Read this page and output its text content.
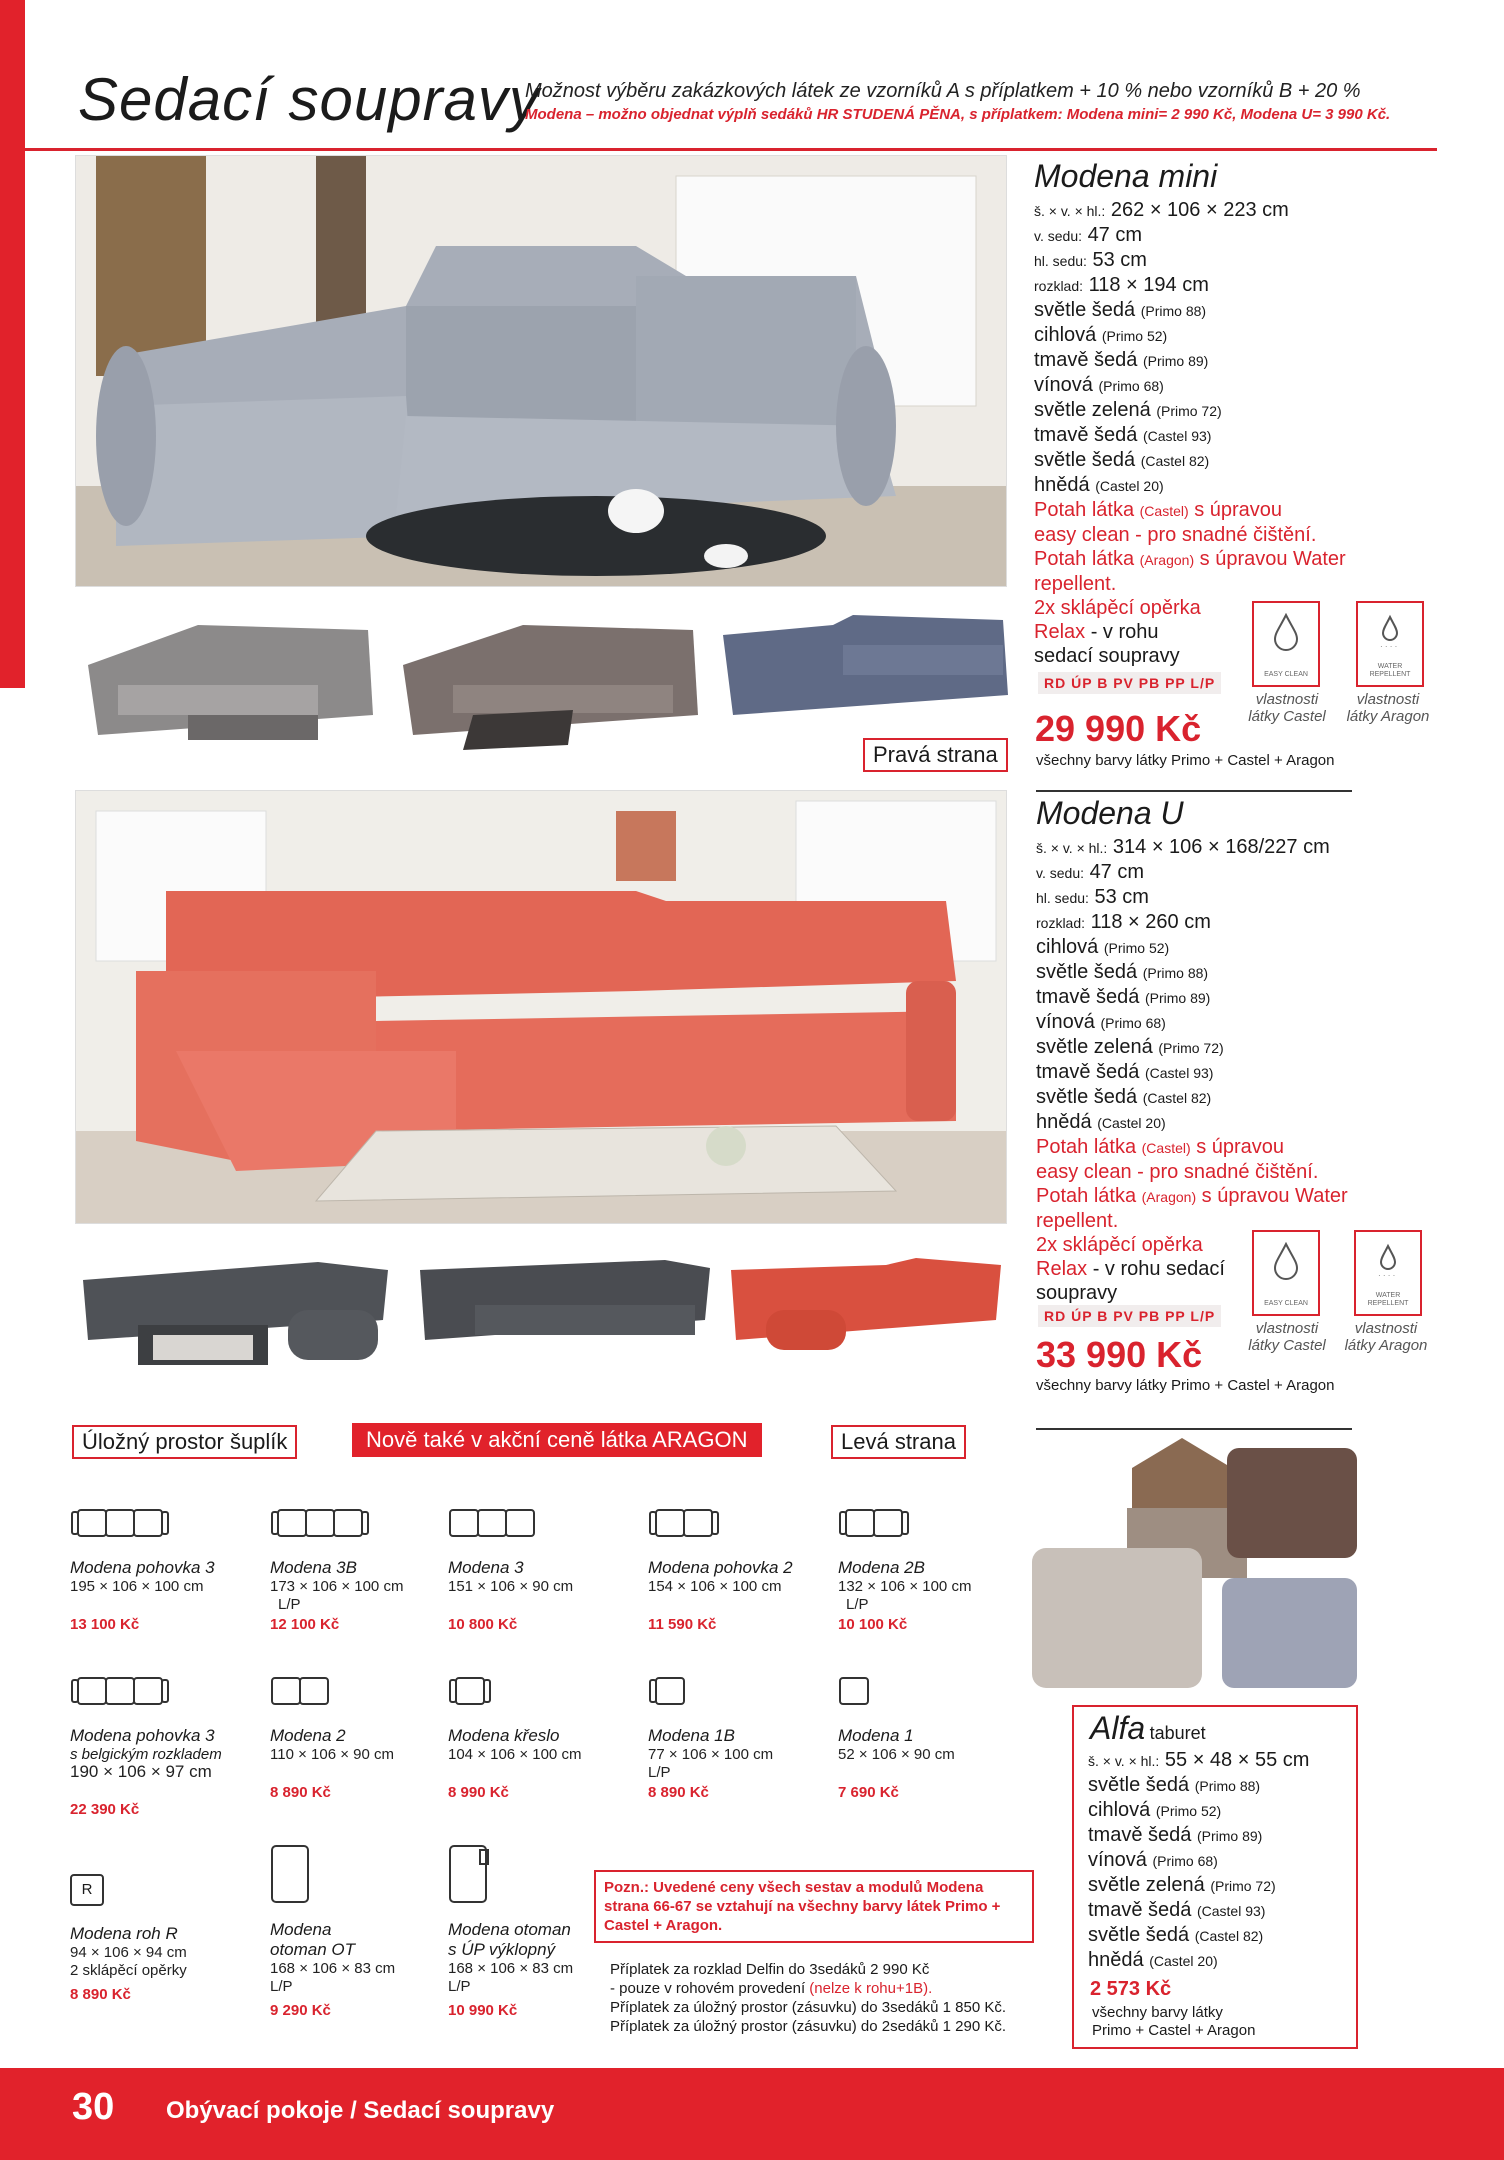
Sedací soupravy
Možnost výběru zakázkových látek ze vzorníků A s příplatkem + 10 % nebo vzorníků B + 20 %
Modena – možno objednat výplň sedáků HR STUDENÁ PĚNA, s příplatkem: Modena mini= 2 990 Kč, Modena U= 3 990 Kč.
Pravá strana
Modena mini
š. × v. × hl.: 262 × 106 × 223 cm
v. sedu: 47 cm
hl. sedu: 53 cm
rozklad: 118 × 194 cm
světle šedá (Primo 88)
cihlová (Primo 52)
tmavě šedá (Primo 89)
vínová (Primo 68)
světle zelená (Primo 72)
tmavě šedá (Castel 93)
světle šedá (Castel 82)
hnědá (Castel 20)
Potah látka (Castel) s úpravou
easy clean - pro snadné čištění.
Potah látka (Aragon) s úpravou Water
repellent.
2x sklápěcí opěrka
Relax - v rohu
sedací soupravy
EASY CLEAN
· · · ·
WATER REPELLENT
vlastnosti
látky Castel
vlastnosti
látky Aragon
RD ÚP B PV PB PP L/P
29 990 Kč
všechny barvy látky Primo + Castel + Aragon
Úložný prostor šuplík	Nově také v akční ceně látka ARAGON	Levá strana
Modena U
š. × v. × hl.: 314 × 106 × 168/227 cm
v. sedu: 47 cm
hl. sedu: 53 cm
rozklad: 118 × 260 cm
cihlová (Primo 52)
světle šedá (Primo 88)
tmavě šedá (Primo 89)
vínová (Primo 68)
světle zelená (Primo 72)
tmavě šedá (Castel 93)
světle šedá (Castel 82)
hnědá (Castel 20)
Potah látka (Castel) s úpravou
easy clean - pro snadné čištění.
Potah látka (Aragon) s úpravou Water
repellent.
2x sklápěcí opěrka
Relax - v rohu sedací
soupravy	EASY CLEAN
· · · ·
WATER REPELLENT
vlastnosti
látky Castel
vlastnosti
látky Aragon
RD ÚP B PV PB PP L/P
33 990 Kč
všechny barvy látky Primo + Castel + Aragon
Modena pohovka 3
195 × 106 × 100 cm
13 100 Kč
Modena 3B
173 × 106 × 100 cm
L/P
12 100 Kč
Modena 3
151 × 106 × 90 cm
10 800 Kč
Modena pohovka 2
154 × 106 × 100 cm
11 590 Kč
Modena 2B
132 × 106 × 100 cm
L/P
10 100 Kč
Modena pohovka 3
s belgickým rozkladem
190 × 106 × 97 cm
22 390 Kč
Modena 2
110 × 106 × 90 cm
8 890 Kč
Modena křeslo
104 × 106 × 100 cm
8 990 Kč
Modena 1B
77 × 106 × 100 cm
L/P
8 890 Kč
Modena 1
52 × 106 × 90 cm
7 690 Kč
R
Modena roh R
94 × 106 × 94 cm
2 sklápěcí opěrky
8 890 Kč
Modena
otoman OT
168 × 106 × 83 cm
L/P
9 290 Kč
Modena otoman
s ÚP výklopný
168 × 106 × 83 cm
L/P
10 990 Kč
Pozn.: Uvedené ceny všech sestav a modulů Modena strana 66-67 se vztahují na všechny barvy látek Primo + Castel + Aragon.
Příplatek za rozklad Delfin do 3sedáků 2 990 Kč
- pouze v rohovém provedení (nelze k rohu+1B).
Příplatek za úložný prostor (zásuvku) do 3sedáků 1 850 Kč.
Příplatek za úložný prostor (zásuvku) do 2sedáků 1 290 Kč.
Alfa taburet
š. × v. × hl.: 55 × 48 × 55 cm
světle šedá (Primo 88)
cihlová (Primo 52)
tmavě šedá (Primo 89)
vínová (Primo 68)
světle zelená (Primo 72)
tmavě šedá (Castel 93)
světle šedá (Castel 82)
hnědá (Castel 20)
2 573 Kč
všechny barvy látky
Primo + Castel + Aragon
30 Obývací pokoje / Sedací soupravy
